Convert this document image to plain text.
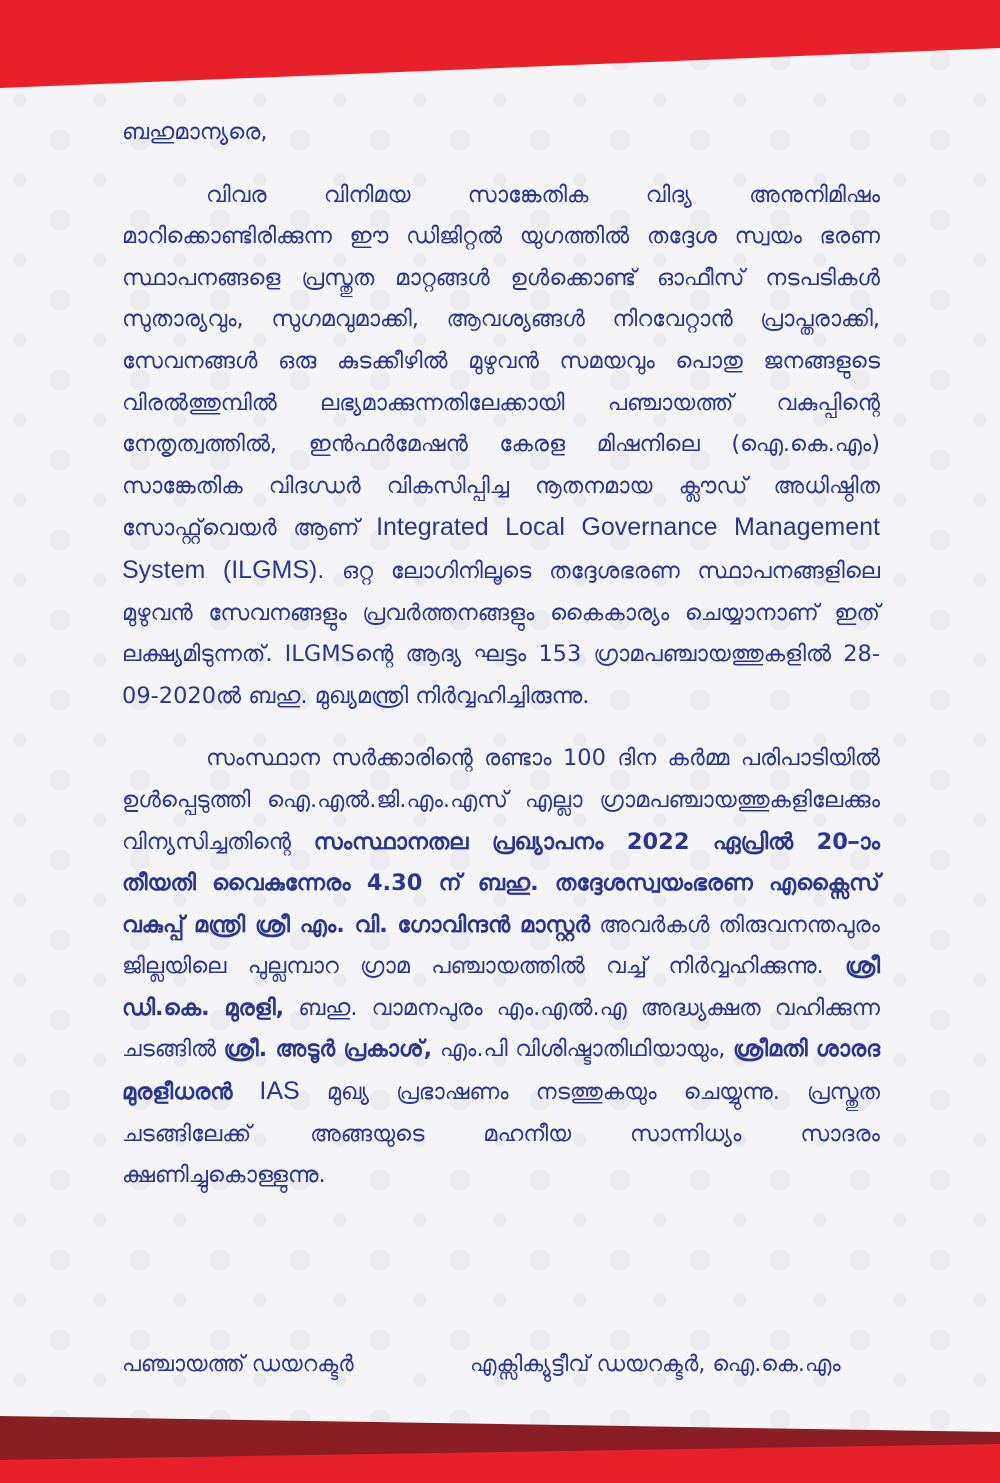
ബഹുമാന്യരെ,

വിവര വിനിമയ സാങ്കേതിക വിദ്യ അനുനിമിഷം മാറിക്കൊണ്ടിരിക്കുന്ന ഈ ഡിജിറ്റൽ യുഗത്തിൽ തദ്ദേശ സ്വയം ഭരണ സ്ഥാപനങ്ങളെ പ്രസ്തുത മാറ്റങ്ങൾ ഉൾക്കൊണ്ട് ഓഫീസ് നടപടികൾ സുതാര്യവും, സുഗമവുമാക്കി, ആവശ്യങ്ങൾ നിറവേറ്റാൻ പ്രാപ്തരാക്കി, സേവനങ്ങൾ ഒരു കുടക്കീഴിൽ മുഴുവൻ സമയവും പൊതു ജനങ്ങളുടെ വിരൽത്തുമ്പിൽ ലഭ്യമാക്കുന്നതിലേക്കായി പഞ്ചായത്ത് വകുപ്പിന്റെ നേതൃത്വത്തിൽ, ഇൻഫർമേഷൻ കേരള മിഷനിലെ (ഐ.കെ.എം) സാങ്കേതിക വിദഗ്ധർ വികസിപ്പിച്ച നൂതനമായ ക്ലൗഡ് അധിഷ്ഠിത സോഫ്റ്റ്‌വെയർ ആണ് Integrated Local Governance Management System (ILGMS). ഒറ്റ ലോഗിനിലൂടെ തദ്ദേശഭരണ സ്ഥാപനങ്ങളിലെ മുഴുവൻ സേവനങ്ങളും പ്രവർത്തനങ്ങളും കൈകാര്യം ചെയ്യാനാണ് ഇത് ലക്ഷ്യമിടുന്നത്. ILGMSന്റെ ആദ്യ ഘട്ടം 153 ഗ്രാമപഞ്ചായത്തുകളിൽ 28-09-2020ൽ ബഹു. മുഖ്യമന്ത്രി നിർവ്വഹിച്ചിരുന്നു.

സംസ്ഥാന സർക്കാരിന്റെ രണ്ടാം 100 ദിന കർമ്മ പരിപാടിയിൽ ഉൾപ്പെടുത്തി ഐ.എൽ.ജി.എം.എസ് എല്ലാ ഗ്രാമപഞ്ചായത്തുകളിലേക്കും വിന്യസിച്ചതിന്റെ സംസ്ഥാനതല പ്രഖ്യാപനം 2022 ഏപ്രിൽ 20–ാം തീയതി വൈകുന്നേരം 4.30 ന് ബഹു. തദ്ദേശസ്വയംഭരണ എക്സൈസ് വകുപ്പ് മന്ത്രി ശ്രീ എം. വി. ഗോവിന്ദൻ മാസ്റ്റർ അവർകൾ തിരുവനന്തപുരം ജില്ലയിലെ പുല്ലമ്പാറ ഗ്രാമ പഞ്ചായത്തിൽ വച്ച് നിർവ്വഹിക്കുന്നു. ശ്രീ ഡി.കെ. മുരളി, ബഹു. വാമനപുരം എം.എൽ.എ അദ്ധ്യക്ഷത വഹിക്കുന്ന ചടങ്ങിൽ ശ്രീ. അടൂർ പ്രകാശ്, എം.പി വിശിഷ്ടാതിഥിയായും, ശ്രീമതി ശാരദ മുരളീധരൻ IAS മുഖ്യ പ്രഭാഷണം നടത്തുകയും ചെയ്യുന്നു. പ്രസ്തുത ചടങ്ങിലേക്ക് അങ്ങയുടെ മഹനീയ സാന്നിധ്യം സാദരം ക്ഷണിച്ചുകൊള്ളുന്നു.

പഞ്ചായത്ത് ഡയറക്ടർ	എക്സിക്യുട്ടീവ് ഡയറക്ടർ, ഐ.കെ.എം
